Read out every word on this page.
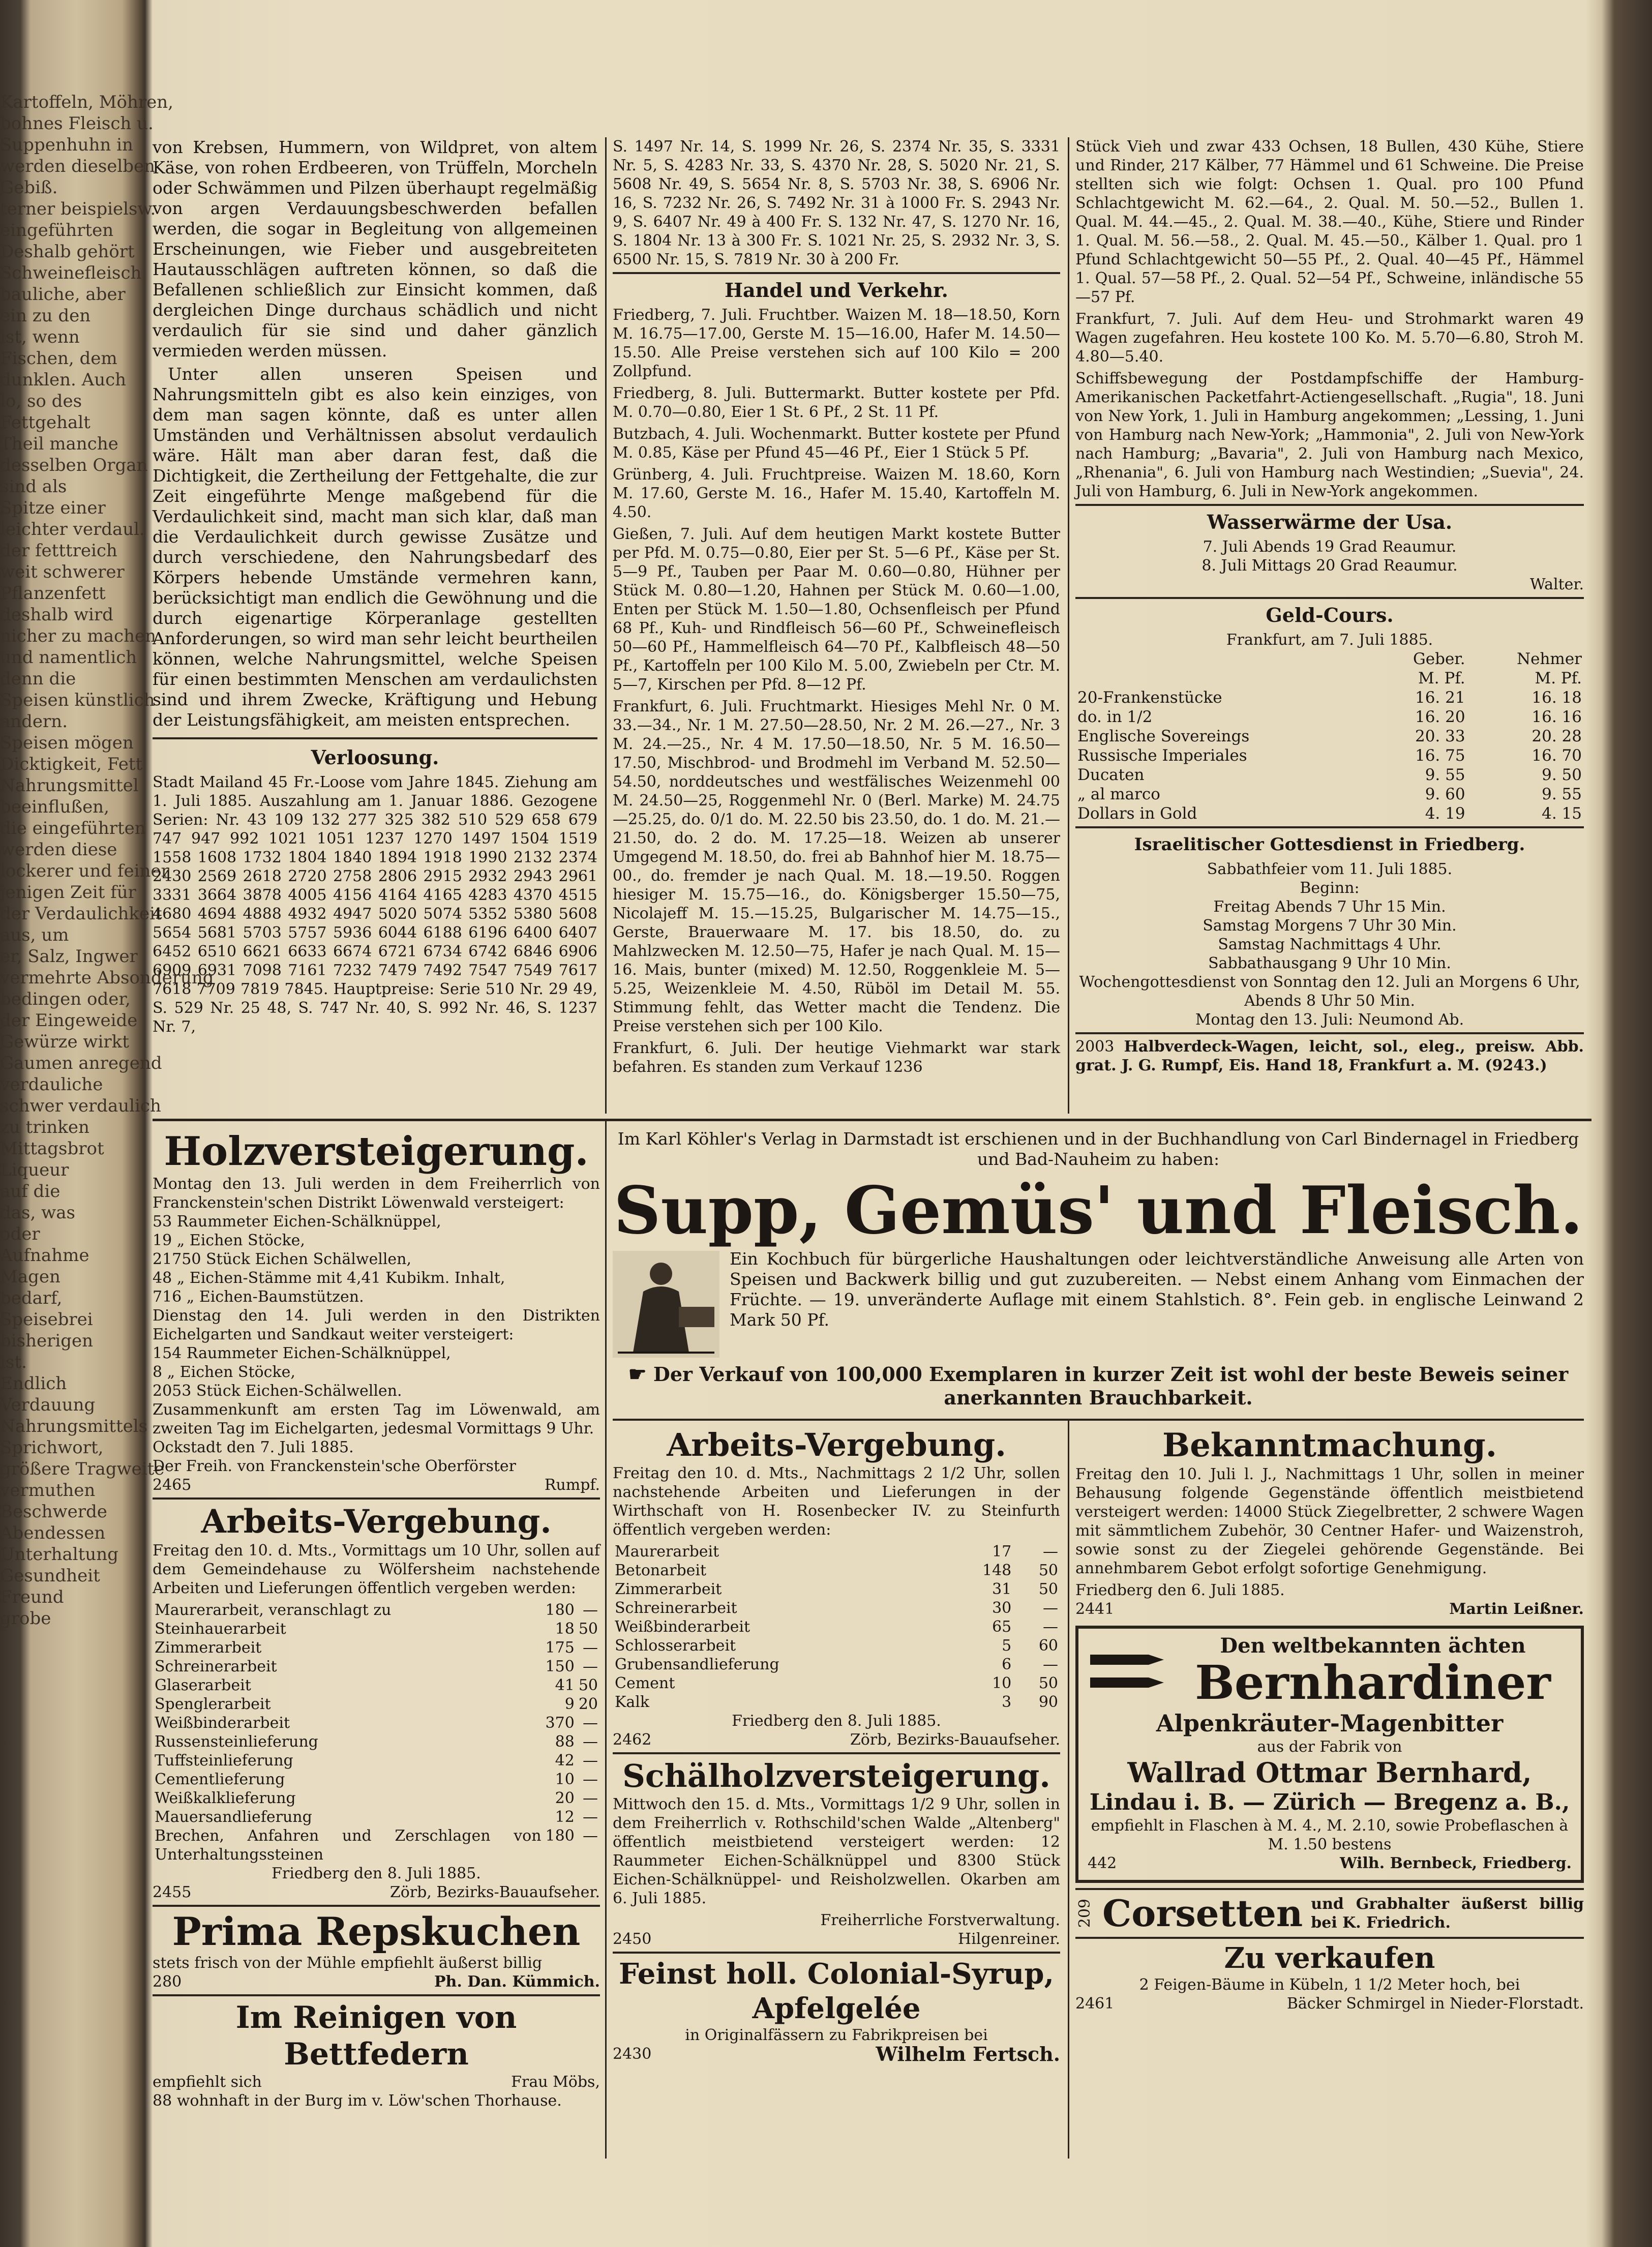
Kartoffeln, Möhren,
bohnes Fleisch u.
Suppenhuhn in
werden dieselben
Gebiß.
terner beispielsw.
eingeführten
Deshalb gehört
Schweinefleisch
bauliche, aber
ein zu den
ist, wenn
Fischen, dem
dunklen. Auch
lo, so des
Fettgehalt
Theil manche
desselben Organ
sind als
Spitze einer
leichter verdaul.
der fetttreich
weit schwerer
Pflanzenfett
deshalb wird
nicher zu machen
und namentlich
denn die
Speisen künstlich
andern.
Speisen mögen
Dicktigkeit, Fett
Nahrungsmittel
beeinflußen,
die eingeführten
werden diese
lockerer und feiner
jenigen Zeit für
der Verdaulichkeit
aus, um
er, Salz, Ingwer
vermehrte Absonderung
bedingen oder,
der Eingeweide
Gewürze wirkt
Gaumen anregend
verdauliche
schwer verdaulich
zu trinken
Mittagsbrot
Liqueur
auf die
das, was
oder
Aufnahme
Magen
bedarf,
Speisebrei
bisherigen
ist.
Endlich
Verdauung
Nahrungsmittels
Sprichwort,
größere Tragweite
vermuthen
Beschwerde
Abendessen
Unterhaltung
Gesundheit
Freund
grobe

von Krebsen, Hummern, von Wildpret, von altem Käse, von rohen Erdbeeren, von Trüffeln, Morcheln oder Schwämmen und Pilzen überhaupt regelmäßig von argen Verdauungsbeschwerden befallen werden, die sogar in Begleitung von allgemeinen Erscheinungen, wie Fieber und ausgebreiteten Hautausschlägen auftreten können, so daß die Befallenen schließlich zur Einsicht kommen, daß dergleichen Dinge durchaus schädlich und nicht verdaulich für sie sind und daher gänzlich vermieden werden müssen.

Unter allen unseren Speisen und Nahrungsmitteln gibt es also kein einziges, von dem man sagen könnte, daß es unter allen Umständen und Verhältnissen absolut verdaulich wäre. Hält man aber daran fest, daß die Dichtigkeit, die Zertheilung der Fettgehalte, die zur Zeit eingeführte Menge maßgebend für die Verdaulichkeit sind, macht man sich klar, daß man die Verdaulichkeit durch gewisse Zusätze und durch verschiedene, den Nahrungsbedarf des Körpers hebende Umstände vermehren kann, berücksichtigt man endlich die Gewöhnung und die durch eigenartige Körperanlage gestellten Anforderungen, so wird man sehr leicht beurtheilen können, welche Nahrungsmittel, welche Speisen für einen bestimmten Menschen am verdaulichsten sind und ihrem Zwecke, Kräftigung und Hebung der Leistungsfähigkeit, am meisten entsprechen.

Verloosung.

Stadt Mailand 45 Fr.-Loose vom Jahre 1845. Ziehung am 1. Juli 1885. Auszahlung am 1. Januar 1886. Gezogene Serien: Nr. 43 109 132 277 325 382 510 529 658 679 747 947 992 1021 1051 1237 1270 1497 1504 1519 1558 1608 1732 1804 1840 1894 1918 1990 2132 2374 2430 2569 2618 2720 2758 2806 2915 2932 2943 2961 3331 3664 3878 4005 4156 4164 4165 4283 4370 4515 4680 4694 4888 4932 4947 5020 5074 5352 5380 5608 5654 5681 5703 5757 5936 6044 6188 6196 6400 6407 6452 6510 6621 6633 6674 6721 6734 6742 6846 6906 6909 6931 7098 7161 7232 7479 7492 7547 7549 7617 7618 7709 7819 7845. Hauptpreise: Serie 510 Nr. 29 49, S. 529 Nr. 25 48, S. 747 Nr. 40, S. 992 Nr. 46, S. 1237 Nr. 7,

S. 1497 Nr. 14, S. 1999 Nr. 26, S. 2374 Nr. 35, S. 3331 Nr. 5, S. 4283 Nr. 33, S. 4370 Nr. 28, S. 5020 Nr. 21, S. 5608 Nr. 49, S. 5654 Nr. 8, S. 5703 Nr. 38, S. 6906 Nr. 16, S. 7232 Nr. 26, S. 7492 Nr. 31 à 1000 Fr. S. 2943 Nr. 9, S. 6407 Nr. 49 à 400 Fr. S. 132 Nr. 47, S. 1270 Nr. 16, S. 1804 Nr. 13 à 300 Fr. S. 1021 Nr. 25, S. 2932 Nr. 3, S. 6500 Nr. 15, S. 7819 Nr. 30 à 200 Fr.

Handel und Verkehr.

Friedberg, 7. Juli. Fruchtber. Waizen M. 18—18.50, Korn M. 16.75—17.00, Gerste M. 15—16.00, Hafer M. 14.50—15.50. Alle Preise verstehen sich auf 100 Kilo = 200 Zollpfund.

Friedberg, 8. Juli. Buttermarkt. Butter kostete per Pfd. M. 0.70—0.80, Eier 1 St. 6 Pf., 2 St. 11 Pf.

Butzbach, 4. Juli. Wochenmarkt. Butter kostete per Pfund M. 0.85, Käse per Pfund 45—46 Pf., Eier 1 Stück 5 Pf.

Grünberg, 4. Juli. Fruchtpreise. Waizen M. 18.60, Korn M. 17.60, Gerste M. 16., Hafer M. 15.40, Kartoffeln M. 4.50.

Gießen, 7. Juli. Auf dem heutigen Markt kostete Butter per Pfd. M. 0.75—0.80, Eier per St. 5—6 Pf., Käse per St. 5—9 Pf., Tauben per Paar M. 0.60—0.80, Hühner per Stück M. 0.80—1.20, Hahnen per Stück M. 0.60—1.00, Enten per Stück M. 1.50—1.80, Ochsenfleisch per Pfund 68 Pf., Kuh- und Rindfleisch 56—60 Pf., Schweinefleisch 50—60 Pf., Hammelfleisch 64—70 Pf., Kalbfleisch 48—50 Pf., Kartoffeln per 100 Kilo M. 5.00, Zwiebeln per Ctr. M. 5—7, Kirschen per Pfd. 8—12 Pf.

Frankfurt, 6. Juli. Fruchtmarkt. Hiesiges Mehl Nr. 0 M. 33.—34., Nr. 1 M. 27.50—28.50, Nr. 2 M. 26.—27., Nr. 3 M. 24.—25., Nr. 4 M. 17.50—18.50, Nr. 5 M. 16.50—17.50, Mischbrod- und Brodmehl im Verband M. 52.50—54.50, norddeutsches und westfälisches Weizenmehl 00 M. 24.50—25, Roggenmehl Nr. 0 (Berl. Marke) M. 24.75—25.25, do. 0/1 do. M. 22.50 bis 23.50, do. 1 do. M. 21.—21.50, do. 2 do. M. 17.25—18. Weizen ab unserer Umgegend M. 18.50, do. frei ab Bahnhof hier M. 18.75—00., do. fremder je nach Qual. M. 18.—19.50. Roggen hiesiger M. 15.75—16., do. Königsberger 15.50—75, Nicolajeff M. 15.—15.25, Bulgarischer M. 14.75—15., Gerste, Brauerwaare M. 17. bis 18.50, do. zu Mahlzwecken M. 12.50—75, Hafer je nach Qual. M. 15—16. Mais, bunter (mixed) M. 12.50, Roggenkleie M. 5—5.25, Weizenkleie M. 4.50, Rüböl im Detail M. 55. Stimmung fehlt, das Wetter macht die Tendenz. Die Preise verstehen sich per 100 Kilo.

Frankfurt, 6. Juli. Der heutige Viehmarkt war stark befahren. Es standen zum Verkauf 1236

Stück Vieh und zwar 433 Ochsen, 18 Bullen, 430 Kühe, Stiere und Rinder, 217 Kälber, 77 Hämmel und 61 Schweine. Die Preise stellten sich wie folgt: Ochsen 1. Qual. pro 100 Pfund Schlachtgewicht M. 62.—64., 2. Qual. M. 50.—52., Bullen 1. Qual. M. 44.—45., 2. Qual. M. 38.—40., Kühe, Stiere und Rinder 1. Qual. M. 56.—58., 2. Qual. M. 45.—50., Kälber 1. Qual. pro 1 Pfund Schlachtgewicht 50—55 Pf., 2. Qual. 40—45 Pf., Hämmel 1. Qual. 57—58 Pf., 2. Qual. 52—54 Pf., Schweine, inländische 55—57 Pf.

Frankfurt, 7. Juli. Auf dem Heu- und Strohmarkt waren 49 Wagen zugefahren. Heu kostete 100 Ko. M. 5.70—6.80, Stroh M. 4.80—5.40.

Schiffsbewegung der Postdampfschiffe der Hamburg-Amerikanischen Packetfahrt-Actiengesellschaft. „Rugia", 18. Juni von New York, 1. Juli in Hamburg angekommen; „Lessing, 1. Juni von Hamburg nach New-York; „Hammonia", 2. Juli von New-York nach Hamburg; „Bavaria", 2. Juli von Hamburg nach Mexico, „Rhenania", 6. Juli von Hamburg nach Westindien; „Suevia", 24. Juli von Hamburg, 6. Juli in New-York angekommen.

Wasserwärme der Usa.
7. Juli Abends 19 Grad Reaumur.
8. Juli Mittags 20 Grad Reaumur.
Walter.
Geld-Cours.
Frankfurt, am 7. Juli 1885.
	Geber.	Nehmer
	M. Pf.	M. Pf.
20-Frankenstücke	16. 21	16. 18
do. in 1/2	16. 20	16. 16
Englische Sovereings	20. 33	20. 28
Russische Imperiales	16. 75	16. 70
Ducaten	9. 55	9. 50
„ al marco	9. 60	9. 55
Dollars in Gold	4. 19	4. 15
Israelitischer Gottesdienst in Friedberg.
Sabbathfeier vom 11. Juli 1885.
Beginn:
Freitag Abends 7 Uhr 15 Min.
Samstag Morgens 7 Uhr 30 Min.
Samstag Nachmittags 4 Uhr.
Sabbathausgang 9 Uhr 10 Min.
Wochengottesdienst von Sonntag den 12. Juli an Morgens 6 Uhr, Abends 8 Uhr 50 Min.
Montag den 13. Juli: Neumond Ab.
2003 Halbverdeck-Wagen, leicht, sol., eleg., preisw. Abb. grat. J. G. Rumpf, Eis. Hand 18, Frankfurt a. M. (9243.)
Holzversteigerung.
Montag den 13. Juli werden in dem Freiherrlich von Franckenstein'schen Distrikt Löwenwald versteigert:
53 Raummeter Eichen-Schälknüppel,
19 „ Eichen Stöcke,
21750 Stück Eichen Schälwellen,
48 „ Eichen-Stämme mit 4,41 Kubikm. Inhalt,
716 „ Eichen-Baumstützen.
Dienstag den 14. Juli werden in den Distrikten Eichelgarten und Sandkaut weiter versteigert:
154 Raummeter Eichen-Schälknüppel,
8 „ Eichen Stöcke,
2053 Stück Eichen-Schälwellen.
Zusammenkunft am ersten Tag im Löwenwald, am zweiten Tag im Eichelgarten, jedesmal Vormittags 9 Uhr.
Ockstadt den 7. Juli 1885.
Der Freih. von Franckenstein'sche Oberförster
2465	Rumpf.
Arbeits-Vergebung.

Freitag den 10. d. Mts., Vormittags um 10 Uhr, sollen auf dem Gemeindehause zu Wölfersheim nachstehende Arbeiten und Lieferungen öffentlich vergeben werden:

Maurerarbeit, veranschlagt zu	180	—
Steinhauerarbeit	18	50
Zimmerarbeit	175	—
Schreinerarbeit	150	—
Glaserarbeit	41	50
Spenglerarbeit	9	20
Weißbinderarbeit	370	—
Russensteinlieferung	88	—
Tuffsteinlieferung	42	—
Cementlieferung	10	—
Weißkalklieferung	20	—
Mauersandlieferung	12	—
Brechen, Anfahren und Zerschlagen von Unterhaltungssteinen	180	—
Friedberg den 8. Juli 1885.
2455	Zörb, Bezirks-Bauaufseher.
Prima Repskuchen
stets frisch von der Mühle empfiehlt äußerst billig
280	Ph. Dan. Kümmich.
Im Reinigen von Bettfedern
empfiehlt sich	Frau Möbs,
88 wohnhaft in der Burg im v. Löw'schen Thorhause.

Im Karl Köhler's Verlag in Darmstadt ist erschienen und in der Buchhandlung von Carl Bindernagel in Friedberg und Bad-Nauheim zu haben:

Supp, Gemüs' und Fleisch.

Ein Kochbuch für bürgerliche Haushaltungen oder leichtverständliche Anweisung alle Arten von Speisen und Backwerk billig und gut zuzubereiten. — Nebst einem Anhang vom Einmachen der Früchte. — 19. unveränderte Auflage mit einem Stahlstich. 8°. Fein geb. in englische Leinwand 2 Mark 50 Pf.

☛ Der Verkauf von 100,000 Exemplaren in kurzer Zeit ist wohl der beste Beweis seiner anerkannten Brauchbarkeit.
Arbeits-Vergebung.

Freitag den 10. d. Mts., Nachmittags 2 1/2 Uhr, sollen nachstehende Arbeiten und Lieferungen in der Wirthschaft von H. Rosenbecker IV. zu Steinfurth öffentlich vergeben werden:

Maurerarbeit	17	—
Betonarbeit	148	50
Zimmerarbeit	31	50
Schreinerarbeit	30	—
Weißbinderarbeit	65	—
Schlosserarbeit	5	60
Grubensandlieferung	6	—
Cement	10	50
Kalk	3	90
Friedberg den 8. Juli 1885.
2462	Zörb, Bezirks-Bauaufseher.
Schälholzversteigerung.

Mittwoch den 15. d. Mts., Vormittags 1/2 9 Uhr, sollen in dem Freiherrlich v. Rothschild'schen Walde „Altenberg" öffentlich meistbietend versteigert werden: 12 Raummeter Eichen-Schälknüppel und 8300 Stück Eichen-Schälknüppel- und Reisholzwellen. Okarben am 6. Juli 1885.

Freiherrliche Forstverwaltung.
2450	Hilgenreiner.
Feinst holl. Colonial-Syrup,
Apfelgelée
in Originalfässern zu Fabrikpreisen bei
2430	Wilhelm Fertsch.
Bekanntmachung.

Freitag den 10. Juli l. J., Nachmittags 1 Uhr, sollen in meiner Behausung folgende Gegenstände öffentlich meistbietend versteigert werden: 14000 Stück Ziegelbretter, 2 schwere Wagen mit sämmtlichem Zubehör, 30 Centner Hafer- und Waizenstroh, sowie sonst zu der Ziegelei gehörende Gegenstände. Bei annehmbarem Gebot erfolgt sofortige Genehmigung.

Friedberg den 6. Juli 1885.
2441	Martin Leißner.
Den weltbekannten ächten
Bernhardiner
Alpenkräuter-Magenbitter
aus der Fabrik von
Wallrad Ottmar Bernhard,
Lindau i. B. — Zürich — Bregenz a. B.,
empfiehlt in Flaschen à M. 4., M. 2.10, sowie Probeflaschen à M. 1.50 bestens
442	Wilh. Bernbeck, Friedberg.
209 Corsetten und Grabhalter äußerst billig bei K. Friedrich.
Zu verkaufen
2 Feigen-Bäume in Kübeln, 1 1/2 Meter hoch, bei
2461	Bäcker Schmirgel in Nieder-Florstadt.
